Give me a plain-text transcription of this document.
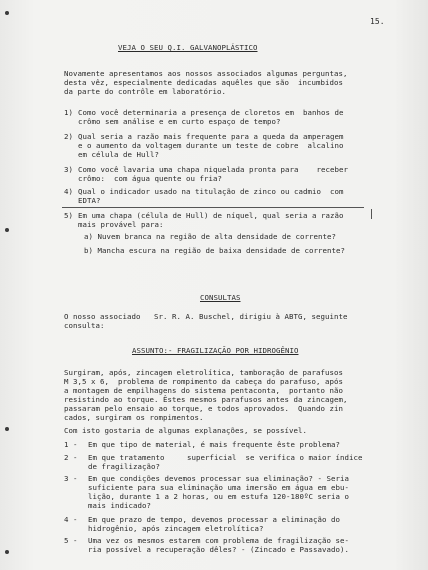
15.
VEJA O SEU Q.I. GALVANOPLÁSTICO
Novamente apresentamos aos nossos associados algumas perguntas,
desta vêz, especialmente dedicadas aquêles que são  incumbidos
da parte do contrôle em laboratório.
1) Como você determinaria a presença de cloretos em  banhos de
crômo sem análise e em curto espaço de tempo?
2) Qual seria a razão mais frequente para a queda da amperagem
e o aumento da voltagem durante um teste de cobre  alcalino
em célula de Hull?
3) Como você lavaria uma chapa niquelada pronta para    receber
crômo:  com água quente ou fria?
4) Qual o indicador usado na titulação de zinco ou cadmio  com
EDTA?
5) Em uma chapa (célula de Hull) de níquel, qual seria a razão
mais provável para:
a) Nuvem branca na região de alta densidade de corrente?
b) Mancha escura na região de baixa densidade de corrente?
CONSULTAS
O nosso associado   Sr. R. A. Buschel, dirigiu à ABTG, seguinte
consulta:
ASSUNTO:- FRAGILIZAÇÃO POR HIDROGÊNIO
Surgiram, após, zincagem eletrolítica, tamboração de parafusos
M 3,5 x 6,  problema de rompimento da cabeça do parafuso, após
a montagem de empilhagens do sistema pentaconta,  portanto não
resistindo ao torque. Êstes mesmos parafusos antes da zincagem,
passaram pelo ensaio ao torque, e todos aprovados.  Quando zin
cados, surgiram os rompimentos.
Com isto gostaria de algumas explanações, se possível.
1 - Em que tipo de material, é mais frequente êste problema?
2 - Em que tratamento     superficial  se verifica o maior índice
de fragilização?
3 - Em que condições devemos processar sua eliminação? - Seria
suficiente para sua eliminação uma imersão em água em ebu-
lição, durante 1 a 2 horas, ou em estufa 120-180ºC seria o
mais indicado?
4 - Em que prazo de tempo, devemos processar a eliminação do
hidrogênio, após zincagem eletrolítica?
5 - Uma vez os mesmos estarem com problema de fragilização se-
ria possível a recuperação dêles? - (Zincado e Passavado).
